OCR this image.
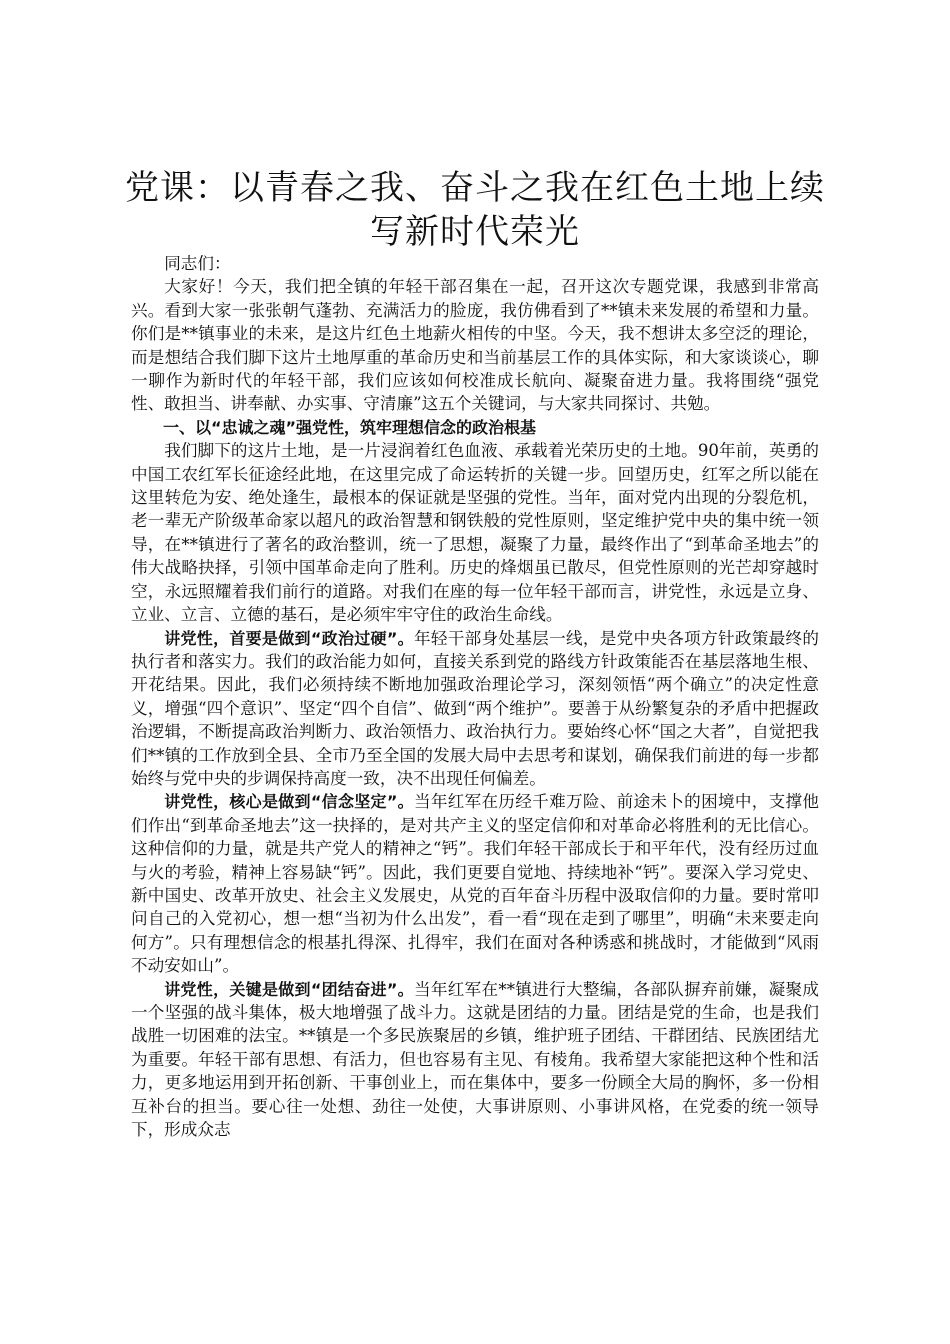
党课：以青春之我、奋斗之我在红色土地上续写新时代荣光

同志们：

大家好！今天，我们把全镇的年轻干部召集在一起，召开这次专题党课，我感到非常高兴。看到大家一张张朝气蓬勃、充满活力的脸庞，我仿佛看到了**镇未来发展的希望和力量。你们是**镇事业的未来，是这片红色土地薪火相传的中坚。今天，我不想讲太多空泛的理论，而是想结合我们脚下这片土地厚重的革命历史和当前基层工作的具体实际，和大家谈谈心，聊一聊作为新时代的年轻干部，我们应该如何校准成长航向、凝聚奋进力量。我将围绕“强党性、敢担当、讲奉献、办实事、守清廉”这五个关键词，与大家共同探讨、共勉。

一、以“忠诚之魂”强党性，筑牢理想信念的政治根基

我们脚下的这片土地，是一片浸润着红色血液、承载着光荣历史的土地。90年前，英勇的中国工农红军长征途经此地，在这里完成了命运转折的关键一步。回望历史，红军之所以能在这里转危为安、绝处逢生，最根本的保证就是坚强的党性。当年，面对党内出现的分裂危机，老一辈无产阶级革命家以超凡的政治智慧和钢铁般的党性原则，坚定维护党中央的集中统一领导，在**镇进行了著名的政治整训，统一了思想，凝聚了力量，最终作出了“到革命圣地去”的伟大战略抉择，引领中国革命走向了胜利。历史的烽烟虽已散尽，但党性原则的光芒却穿越时空，永远照耀着我们前行的道路。对我们在座的每一位年轻干部而言，讲党性，永远是立身、立业、立言、立德的基石，是必须牢牢守住的政治生命线。

讲党性，首要是做到“政治过硬”。年轻干部身处基层一线，是党中央各项方针政策最终的执行者和落实力。我们的政治能力如何，直接关系到党的路线方针政策能否在基层落地生根、开花结果。因此，我们必须持续不断地加强政治理论学习，深刻领悟“两个确立”的决定性意义，增强“四个意识”、坚定“四个自信”、做到“两个维护”。要善于从纷繁复杂的矛盾中把握政治逻辑，不断提高政治判断力、政治领悟力、政治执行力。要始终心怀“国之大者”，自觉把我们**镇的工作放到全县、全市乃至全国的发展大局中去思考和谋划，确保我们前进的每一步都始终与党中央的步调保持高度一致，决不出现任何偏差。

讲党性，核心是做到“信念坚定”。当年红军在历经千难万险、前途未卜的困境中，支撑他们作出“到革命圣地去”这一抉择的，是对共产主义的坚定信仰和对革命必将胜利的无比信心。这种信仰的力量，就是共产党人的精神之“钙”。我们年轻干部成长于和平年代，没有经历过血与火的考验，精神上容易缺“钙”。因此，我们更要自觉地、持续地补“钙”。要深入学习党史、新中国史、改革开放史、社会主义发展史，从党的百年奋斗历程中汲取信仰的力量。要时常叩问自己的入党初心，想一想“当初为什么出发”，看一看“现在走到了哪里”，明确“未来要走向何方”。只有理想信念的根基扎得深、扎得牢，我们在面对各种诱惑和挑战时，才能做到“风雨不动安如山”。

讲党性，关键是做到“团结奋进”。当年红军在**镇进行大整编，各部队摒弃前嫌，凝聚成一个坚强的战斗集体，极大地增强了战斗力。这就是团结的力量。团结是党的生命，也是我们战胜一切困难的法宝。**镇是一个多民族聚居的乡镇，维护班子团结、干群团结、民族团结尤为重要。年轻干部有思想、有活力，但也容易有主见、有棱角。我希望大家能把这种个性和活力，更多地运用到开拓创新、干事创业上，而在集体中，要多一份顾全大局的胸怀，多一份相互补台的担当。要心往一处想、劲往一处使，大事讲原则、小事讲风格，在党委的统一领导下，形成众志
